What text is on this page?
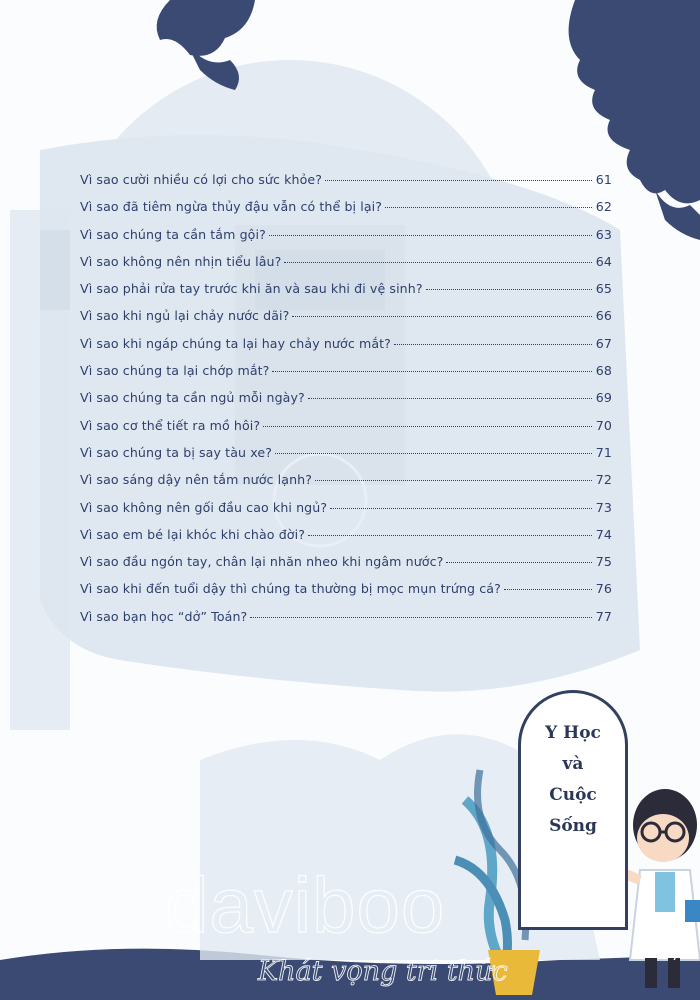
Vì sao cười nhiều có lợi cho sức khỏe?	61
Vì sao đã tiêm ngừa thủy đậu vẫn có thể bị lại?	62
Vì sao chúng ta cần tắm gội?	63
Vì sao không nên nhịn tiểu lâu?	64
Vì sao phải rửa tay trước khi ăn và sau khi đi vệ sinh?	65
Vì sao khi ngủ lại chảy nước dãi?	66
Vì sao khi ngáp chúng ta lại hay chảy nước mắt?	67
Vì sao chúng ta lại chớp mắt?	68
Vì sao chúng ta cần ngủ mỗi ngày?	69
Vì sao cơ thể tiết ra mồ hôi?	70
Vì sao chúng ta bị say tàu xe?	71
Vì sao sáng dậy nên tắm nước lạnh?	72
Vì sao không nên gối đầu cao khi ngủ?	73
Vì sao em bé lại khóc khi chào đời?	74
Vì sao đầu ngón tay, chân lại nhăn nheo khi ngâm nước?	75
Vì sao khi đến tuổi dậy thì chúng ta thường bị mọc mụn trứng cá?	76
Vì sao bạn học “dở” Toán?	77
Y Học
và
Cuộc
Sống
daviboo
Khát vọng tri thức	7
